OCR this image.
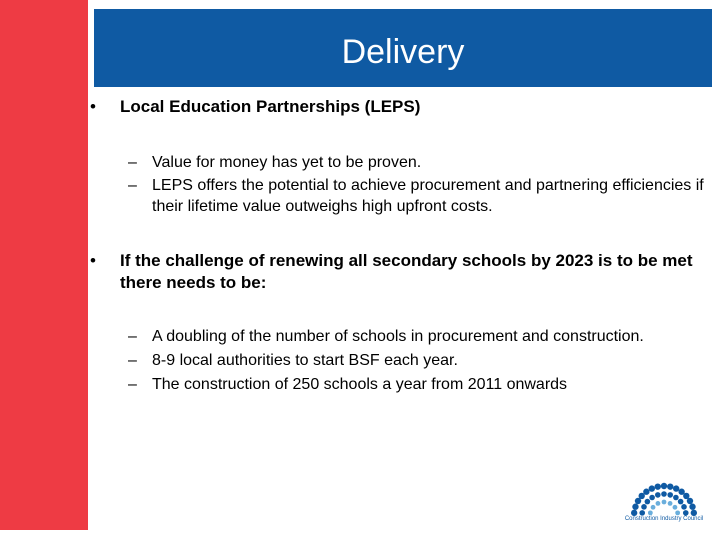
Delivery
• Local Education Partnerships (LEPS)
– Value for money has yet to be proven.
– LEPS offers the potential to achieve procurement and partnering efficiencies if their lifetime value outweighs high upfront costs.
• If the challenge of renewing all secondary schools by 2023 is to be met there needs to be:
– A doubling of the number of schools in procurement and construction.
– 8-9 local authorities to start BSF each year.
– The construction of 250 schools a year from 2011 onwards
Construction Industry Council
